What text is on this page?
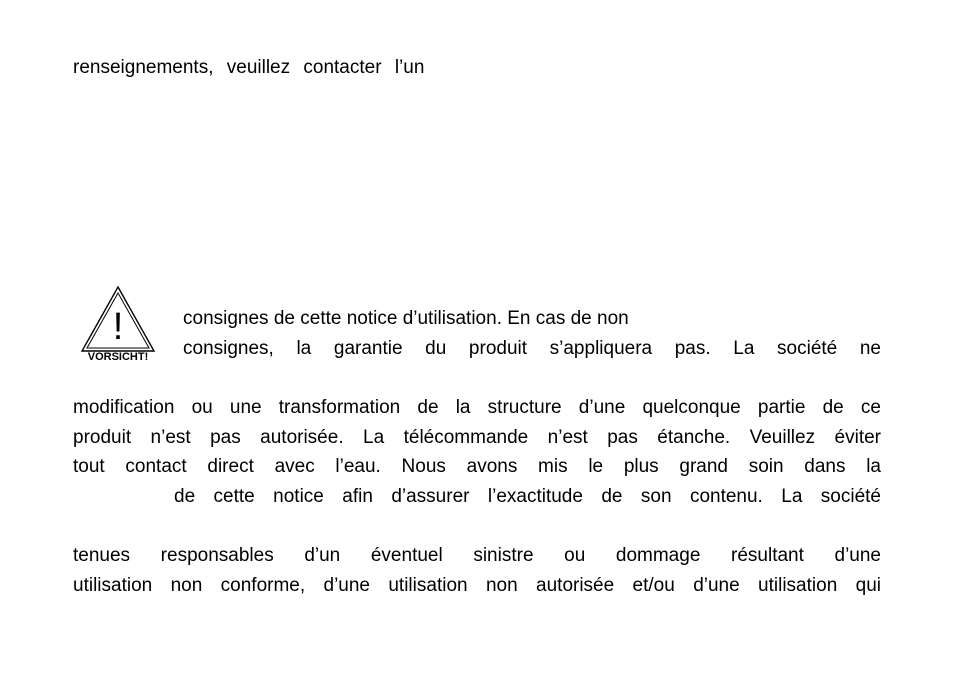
renseignements, veuillez contacter l’un
!
VORSICHT!
consignes de cette notice d’utilisation. En cas de non
consignes, la garantie du produit s’appliquera pas. La société ne
modification ou une transformation de la structure d’une quelconque partie de ce
produit n’est pas autorisée. La télécommande n’est pas étanche. Veuillez éviter
tout contact direct avec l’eau. Nous avons mis le plus grand soin dans la
de cette notice afin d’assurer l’exactitude de son contenu. La société
tenues responsables d’un éventuel sinistre ou dommage résultant d’une
utilisation non conforme, d’une utilisation non autorisée et/ou d’une utilisation qui
